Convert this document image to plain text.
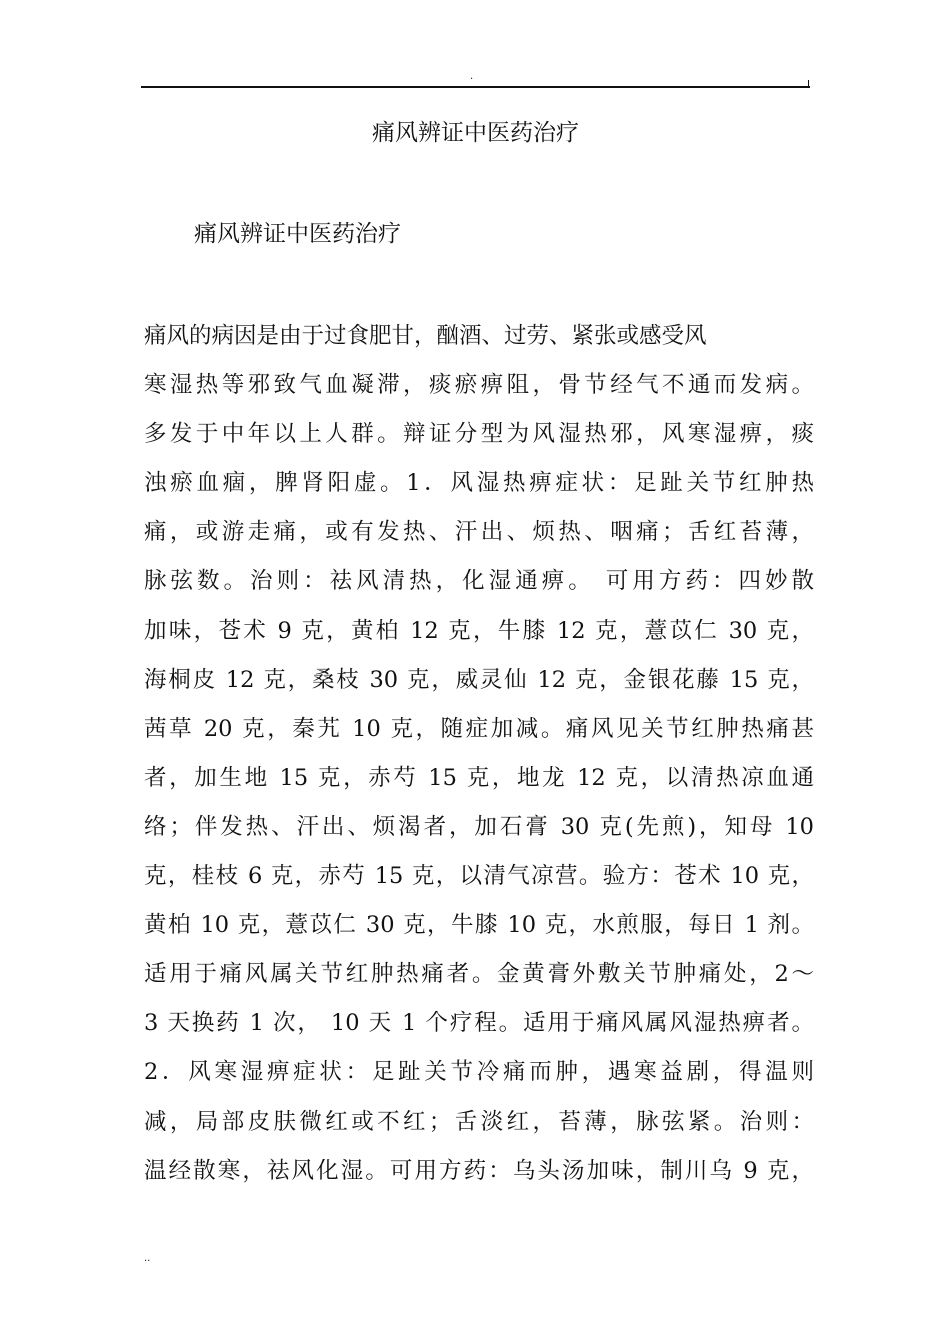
.
痛风辨证中医药治疗
痛风辨证中医药治疗
痛风的病因是由于过食肥甘，酗酒、过劳、紧张或感受风
寒湿热等邪致气血凝滞，痰瘀痹阻，骨节经气不通而发病。
多发于中年以上人群。辩证分型为风湿热邪，风寒湿痹，痰
浊瘀血痼，脾肾阳虚。1．风湿热痹症状：足趾关节红肿热
痛，或游走痛，或有发热、汗出、烦热、咽痛；舌红苔薄，
脉弦数。治则：祛风清热，化湿通痹。 可用方药：四妙散
加味，苍术 9 克，黄柏 12 克，牛膝 12 克，薏苡仁 30 克，
海桐皮 12 克，桑枝 30 克，威灵仙 12 克，金银花藤 15 克，
茜草 20 克，秦艽 10 克，随症加减。痛风见关节红肿热痛甚
者，加生地 15 克，赤芍 15 克，地龙 12 克，以清热凉血通
络；伴发热、汗出、烦渴者，加石膏 30 克(先煎)，知母 10
克，桂枝 6 克，赤芍 15 克，以清气凉营。验方：苍术 10 克，
黄柏 10 克，薏苡仁 30 克，牛膝 10 克，水煎服，每日 1 剂。
适用于痛风属关节红肿热痛者。金黄膏外敷关节肿痛处，2～
3 天换药 1 次， 10 天 1 个疗程。适用于痛风属风湿热痹者。
2．风寒湿痹症状：足趾关节冷痛而肿，遇寒益剧，得温则
减，局部皮肤微红或不红；舌淡红，苔薄，脉弦紧。治则：
温经散寒，祛风化湿。可用方药：乌头汤加味，制川乌 9 克，
..
